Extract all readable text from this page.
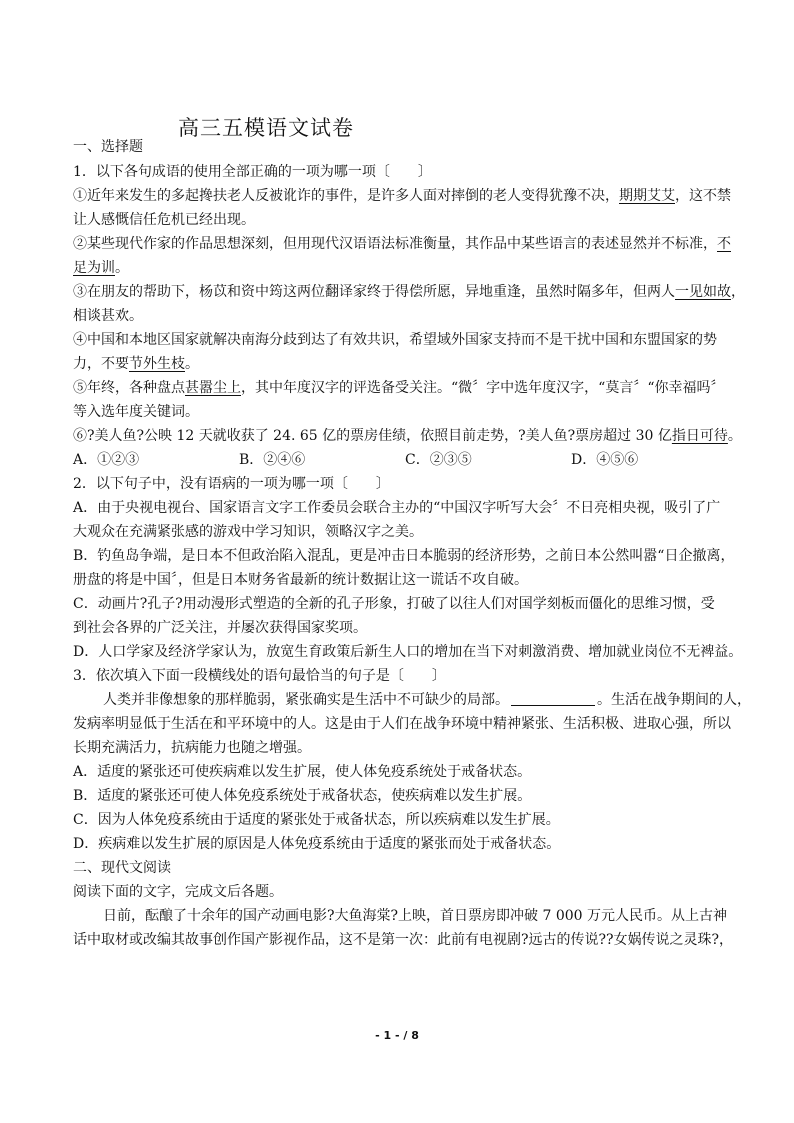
高三五模语文试卷
一、选择题
1．以下各句成语的使用全部正确的一项为哪一项〔　　〕
①近年来发生的多起搀扶老人反被讹诈的事件，是许多人面对摔倒的老人变得犹豫不决，期期艾艾，这不禁
让人感慨信任危机已经出现。
②某些现代作家的作品思想深刻，但用现代汉语语法标准衡量，其作品中某些语言的表述显然并不标准，不
足为训。
③在朋友的帮助下，杨苡和资中筠这两位翻译家终于得偿所愿，异地重逢，虽然时隔多年，但两人一见如故，
相谈甚欢。
④中国和本地区国家就解决南海分歧到达了有效共识，希望域外国家支持而不是干扰中国和东盟国家的势
力，不要节外生枝。
⑤年终，各种盘点甚嚣尘上，其中年度汉字的评选备受关注。“微〞字中选年度汉字，“莫言〞“你幸福吗〞
等入选年度关键词。
⑥?美人鱼?公映 12 天就收获了 24. 65 亿的票房佳绩，依照目前走势，?美人鱼?票房超过 30 亿指日可待。
A．①②③	B．②④⑥	C．②③⑤	D．④⑤⑥
2．以下句子中，没有语病的一项为哪一项〔　　〕
A．由于央视电视台、国家语言文字工作委员会联合主办的“中国汉字听写大会〞不日亮相央视，吸引了广
大观众在充满紧张感的游戏中学习知识，领略汉字之美。
B．钓鱼岛争端，是日本不但政治陷入混乱，更是冲击日本脆弱的经济形势，之前日本公然叫嚣“日企撤离，
册盘的将是中国〞，但是日本财务省最新的统计数据让这一谎话不攻自破。
C．动画片?孔子?用动漫形式塑造的全新的孔子形象，打破了以往人们对国学刻板而僵化的思维习惯，受
到社会各界的广泛关注，并屡次获得国家奖项。
D．人口学家及经济学家认为，放宽生育政策后新生人口的增加在当下对刺激消费、增加就业岗位不无裨益。
3．依次填入下面一段横线处的语句最恰当的句子是〔　　〕
人类并非像想象的那样脆弱，紧张确实是生活中不可缺少的局部。	。生活在战争期间的人，
发病率明显低于生活在和平环境中的人。这是由于人们在战争环境中精神紧张、生活积极、进取心强，所以
长期充满活力，抗病能力也随之增强。
A．适度的紧张还可使疾病难以发生扩展，使人体免疫系统处于戒备状态。
B．适度的紧张还可使人体免疫系统处于戒备状态，使疾病难以发生扩展。
C．因为人体免疫系统由于适度的紧张处于戒备状态，所以疾病难以发生扩展。
D．疾病难以发生扩展的原因是人体免疫系统由于适度的紧张而处于戒备状态。
二、现代文阅读
阅读下面的文字，完成文后各题。
日前，酝酿了十余年的国产动画电影?大鱼海棠?上映，首日票房即冲破 7 000 万元人民币。从上古神
话中取材或改编其故事创作国产影视作品，这不是第一次：此前有电视剧?远古的传说??女娲传说之灵珠?，
- 1 - / 8
